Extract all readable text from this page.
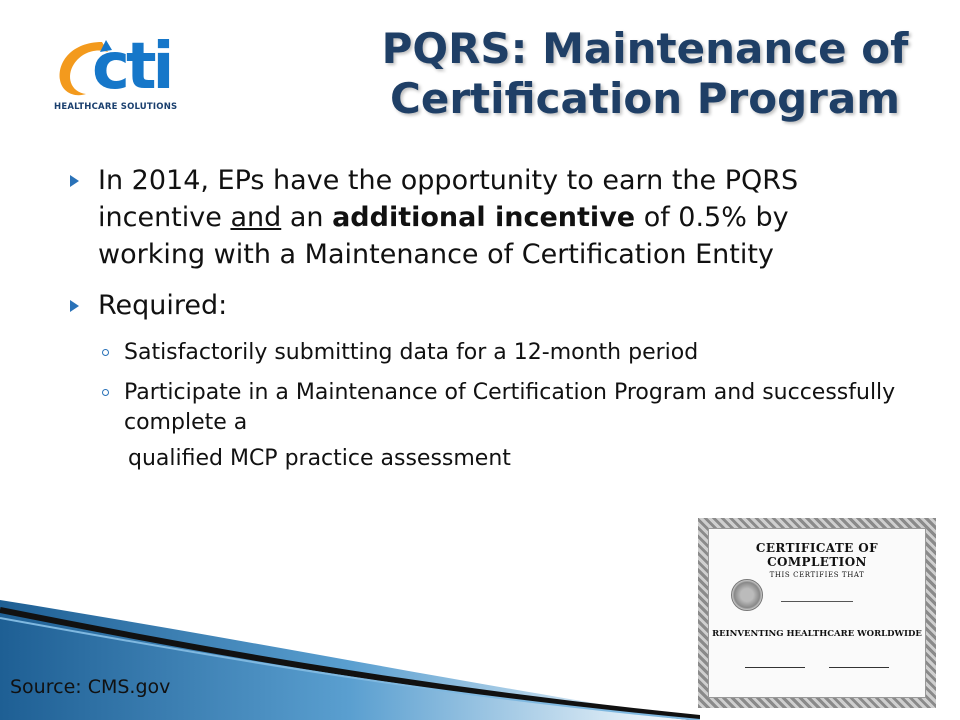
cti
HEALTHCARE SOLUTIONS
PQRS: Maintenance of Certification Program
In 2014, EPs have the opportunity to earn the PQRS incentive and an additional incentive of 0.5% by working with a Maintenance of Certification Entity
Required:
Satisfactorily submitting data for a 12-month period
Participate in a Maintenance of Certification Program and successfully complete a
qualified MCP practice assessment
CERTIFICATE OF COMPLETION
THIS CERTIFIES THAT
REINVENTING HEALTHCARE WORLDWIDE
Source: CMS.gov
